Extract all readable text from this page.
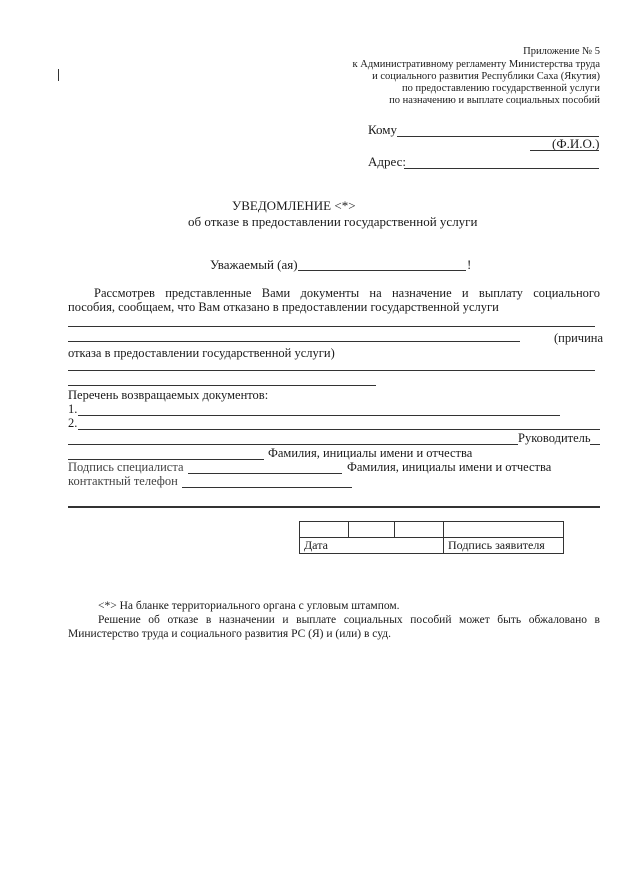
Приложение № 5
к Административному регламенту Министерства труда
и социального развития Республики Саха (Якутия)
по предоставлению государственной услуги
по назначению и выплате социальных пособий
Кому
(Ф.И.О.)
Адрес:
УВЕДОМЛЕНИЕ <*>
об отказе в предоставлении государственной услуги
Уважаемый (ая)	!
Рассмотрев представленные Вами документы на назначение и выплату социального
пособия, сообщаем, что Вам отказано в предоставлении государственной услуги
(причина
отказа в предоставлении государственной услуги)
Перечень возвращаемых документов:
1.
2.
Руководитель
Фамилия, инициалы имени и отчества
Подпись специалиста	Фамилия, инициалы имени и отчества
контактный телефон

Дата			Подпись заявителя
<*> На бланке территориального органа с угловым штампом.
Решение об отказе в назначении и выплате социальных пособий может быть обжаловано в
Министерство труда и социального развития РС (Я) и (или) в суд.
